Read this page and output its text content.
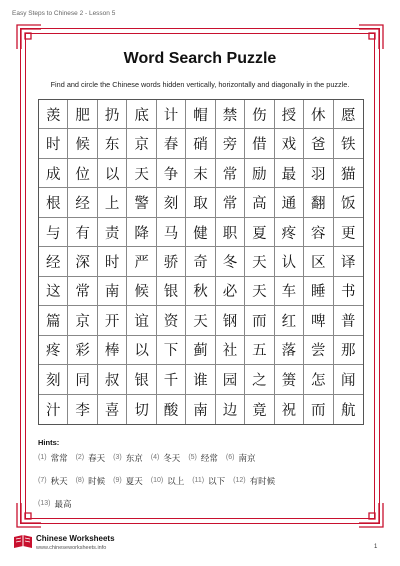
Easy Steps to Chinese 2 - Lesson 5
Word Search Puzzle
Find and circle the Chinese words hidden vertically, horizontally and diagonally in the puzzle.
羡	肥	扔	底	计	帽	禁	伤	授	休	愿
时	候	东	京	春	硝	旁	借	戏	爸	铁
成	位	以	天	争	末	常	励	最	羽	猫
根	经	上	警	刻	取	常	高	通	翻	饭
与	有	责	降	马	健	职	夏	疼	容	更
经	深	时	严	骄	奇	冬	天	认	区	译
这	常	南	候	银	秋	必	天	车	睡	书
篇	京	开	谊	资	天	钢	而	红	啤	普
疼	彩	棒	以	下	蓟	社	五	落	尝	那
刻	同	叔	银	千	谁	园	之	箦	怎	闻
汁	李	喜	切	酸	南	边	竟	祝	而	航
Hints:
(1) 常常 (2) 春天 (3) 东京 (4) 冬天 (5) 经常 (6) 南京
(7) 秋天 (8) 时候 (9) 夏天 (10) 以上 (11) 以下 (12) 有时候
(13) 最高
Chinese Worksheets
www.chineseworksheets.info	1
